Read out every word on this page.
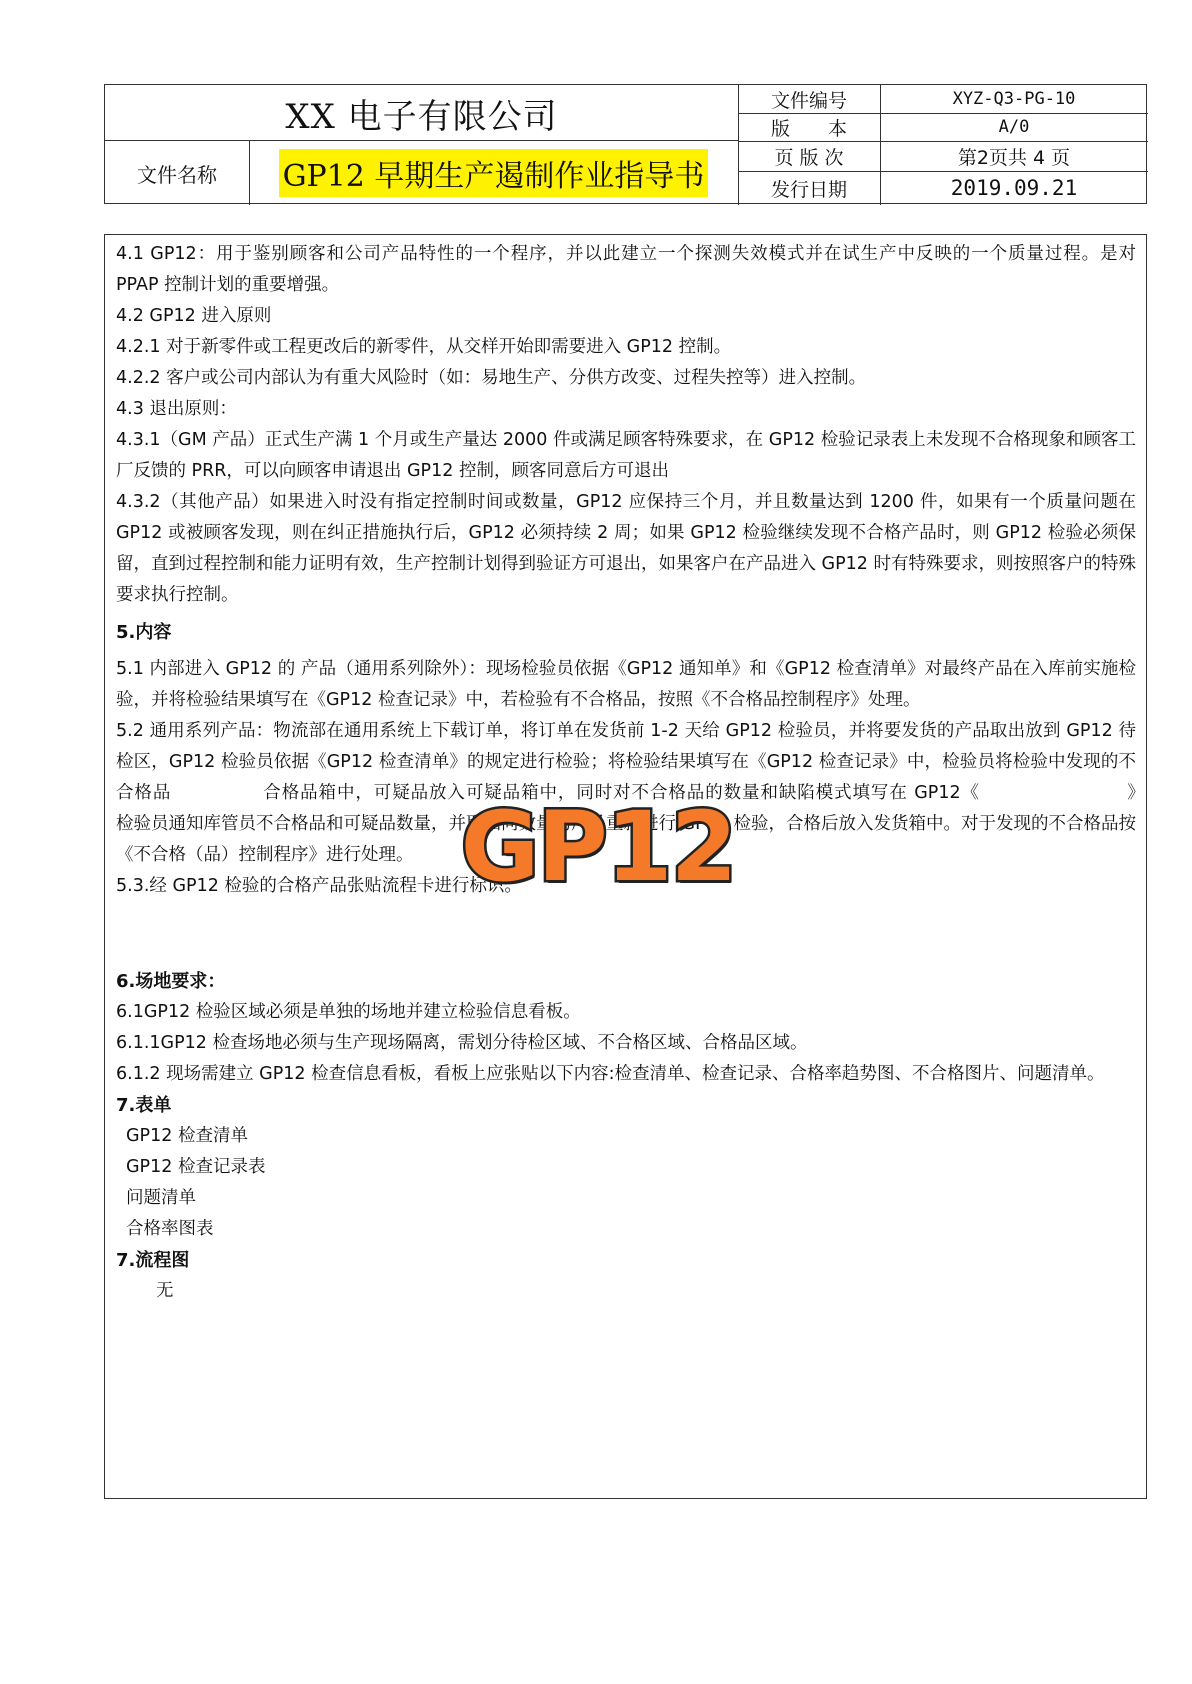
XX 电子有限公司
文件名称	GP12 早期生产遏制作业指导书
文件编号	XYZ-Q3-PG-10
版　　本	A/0
页 版 次	第2页共 4 页
发行日期	2019.09.21

4.1 GP12：用于鉴别顾客和公司产品特性的一个程序，并以此建立一个探测失效模式并在试生产中反映的一个质量过程。是对 PPAP 控制计划的重要增强。

4.2 GP12 进入原则

4.2.1 对于新零件或工程更改后的新零件，从交样开始即需要进入 GP12 控制。

4.2.2 客户或公司内部认为有重大风险时（如：易地生产、分供方改变、过程失控等）进入控制。

4.3 退出原则：

4.3.1（GM 产品）正式生产满 1 个月或生产量达 2000 件或满足顾客特殊要求，在 GP12 检验记录表上未发现不合格现象和顾客工厂反馈的 PRR，可以向顾客申请退出 GP12 控制，顾客同意后方可退出

4.3.2（其他产品）如果进入时没有指定控制时间或数量，GP12 应保持三个月，并且数量达到 1200 件，如果有一个质量问题在 GP12 或被顾客发现，则在纠正措施执行后，GP12 必须持续 2 周；如果 GP12 检验继续发现不合格产品时，则 GP12 检验必须保留，直到过程控制和能力证明有效，生产控制计划得到验证方可退出，如果客户在产品进入 GP12 时有特殊要求，则按照客户的特殊要求执行控制。

5.内容

5.1 内部进入 GP12 的 产品（通用系列除外）：现场检验员依据《GP12 通知单》和《GP12 检查清单》对最终产品在入库前实施检验，并将检验结果填写在《GP12 检查记录》中，若检验有不合格品，按照《不合格品控制程序》处理。

5.2 通用系列产品：物流部在通用系统上下载订单，将订单在发货前 1-2 天给 GP12 检验员，并将要发货的产品取出放到 GP12 待检区，GP12 检验员依据《GP12 检查清单》的规定进行检验；将检验结果填写在《GP12 检查记录》中，检验员将检验中发现的不合格品　　　　　合格品箱中，可疑品放入可疑品箱中，同时对不合格品的数量和缺陷模式填写在 GP12《　　　　　　　　》　　检验员通知库管员不合格品和可疑品数量，并取相同数量的产品重新进行 GP12 检验，合格后放入发货箱中。对于发现的不合格品按《不合格（品）控制程序》进行处理。

5.3.经 GP12 检验的合格产品张贴流程卡进行标识。

6.场地要求：

6.1GP12 检验区域必须是单独的场地并建立检验信息看板。

6.1.1GP12 检查场地必须与生产现场隔离，需划分待检区域、不合格区域、合格品区域。

6.1.2 现场需建立 GP12 检查信息看板，看板上应张贴以下内容:检查清单、检查记录、合格率趋势图、不合格图片、问题清单。

7.表单

GP12 检查清单

GP12 检查记录表

问题清单

合格率图表

7.流程图

无

GP12
